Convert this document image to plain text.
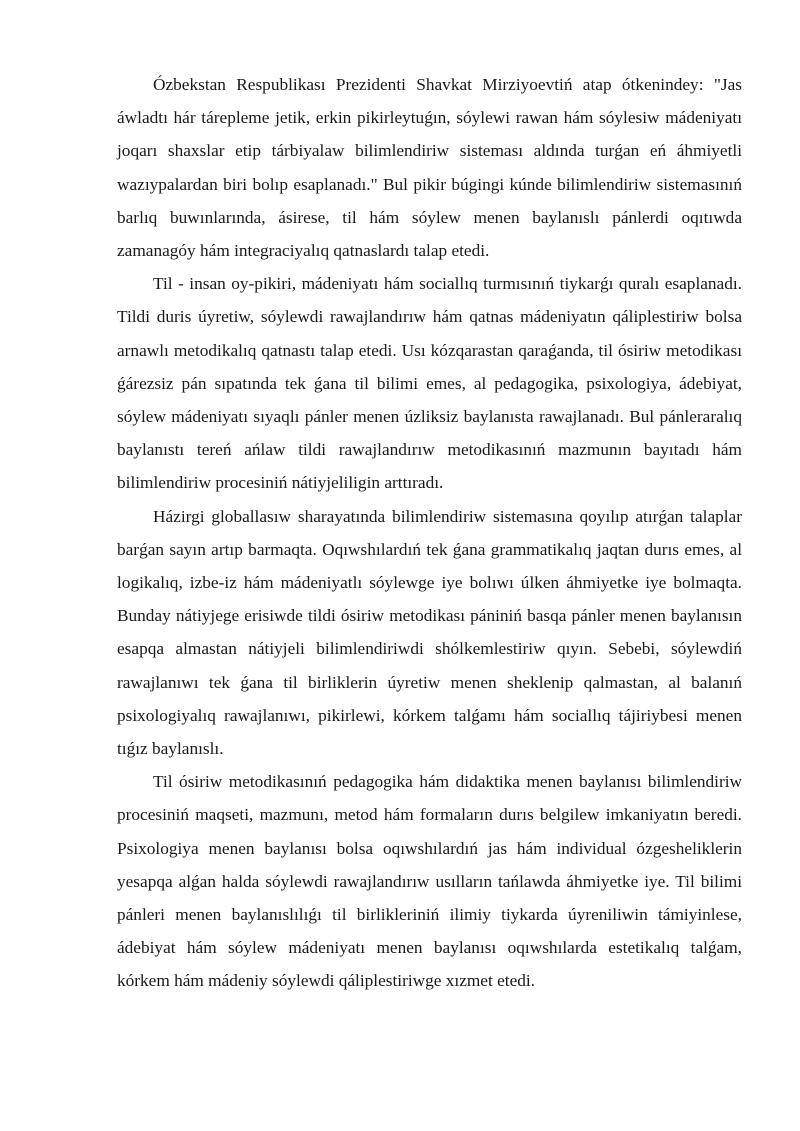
Ózbekstan Respublikası Prezidenti Shavkat Mirziyoevtiń atap ótkenindey: "Jas áwladtı hár tárepleme jetik, erkin pikirleytuǵın, sóylewi rawan hám sóylesiw mádeniyatı joqarı shaxslar etip tárbiyalaw bilimlendiriw sisteması aldında turǵan eń áhmiyetli wazıypalardan biri bolıp esaplanadı." Bul pikir búgingi kúnde bilimlendiriw sistemasınıń barlıq buwınlarında, ásirese, til hám sóylew menen baylanıslı pánlerdi oqıtıwda zamanagóy hám integraciyalıq qatnaslardı talap etedi.

Til - insan oy-pikiri, mádeniyatı hám sociallıq turmısınıń tiykarǵı quralı esaplanadı. Tildi duris úyretiw, sóylewdi rawajlandırıw hám qatnas mádeniyatın qáliplestiriw bolsa arnawlı metodikalıq qatnastı talap etedi. Usı kózqarastan qaraǵanda, til ósiriw metodikası ǵárezsiz pán sıpatında tek ǵana til bilimi emes, al pedagogika, psixologiya, ádebiyat, sóylew mádeniyatı sıyaqlı pánler menen úzliksiz baylanısta rawajlanadı. Bul pánleraralıq baylanıstı tereń ańlaw tildi rawajlandırıw metodikasınıń mazmunın bayıtadı hám bilimlendiriw procesiniń nátiyjeliligin arttıradı.

Házirgi globallasıw sharayatında bilimlendiriw sistemasına qoyılıp atırǵan talaplar barǵan sayın artıp barmaqta. Oqıwshılardıń tek ǵana grammatikalıq jaqtan durıs emes, al logikalıq, izbe-iz hám mádeniyatlı sóylewge iye bolıwı úlken áhmiyetke iye bolmaqta. Bunday nátiyjege erisiwde tildi ósiriw metodikası pániniń basqa pánler menen baylanısın esapqa almastan nátiyjeli bilimlendiriwdi shólkemlestiriw qıyın. Sebebi, sóylewdiń rawajlanıwı tek ǵana til birliklerin úyretiw menen sheklenip qalmastan, al balanıń psixologiyalıq rawajlanıwı, pikirlewi, kórkem talǵamı hám sociallıq tájiriybesi menen tıǵız baylanıslı.

Til ósiriw metodikasınıń pedagogika hám didaktika menen baylanısı bilimlendiriw procesiniń maqseti, mazmunı, metod hám formaların durıs belgilew imkaniyatın beredi. Psixologiya menen baylanısı bolsa oqıwshılardıń jas hám individual ózgesheliklerin yesapqa alǵan halda sóylewdi rawajlandırıw usılların tańlawda áhmiyetke iye. Til bilimi pánleri menen baylanıslılıǵı til birlikleriniń ilimiy tiykarda úyreniliwin támiyinlese, ádebiyat hám sóylew mádeniyatı menen baylanısı oqıwshılarda estetikalıq talǵam, kórkem hám mádeniy sóylewdi qáliplestiriwge xızmet etedi.
